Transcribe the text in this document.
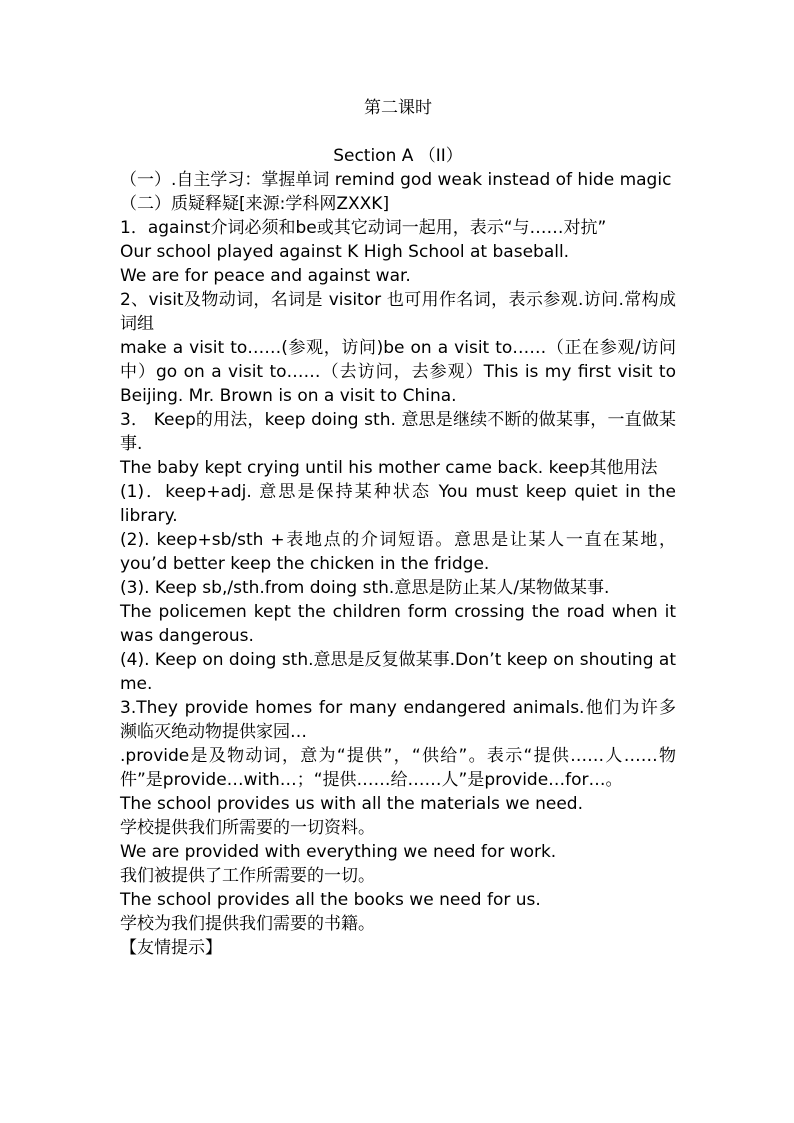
第二课时

Section A （II）

（一）.自主学习：掌握单词 remind god weak instead of hide magic

（二）质疑释疑[来源:学科网ZXXK]

1．against介词必须和be或其它动词一起用，表示“与……对抗”

Our school played against K High School at baseball.

We are for peace and against war.

2、visit及物动词，名词是 visitor 也可用作名词，表示参观.访问.常构成词组

make a visit to……(参观，访问)be on a visit to……（正在参观/访问中）go on a visit to……（去访问，去参观）This is my first visit to Beijing. Mr. Brown is on a visit to China.

3． Keep的用法，keep doing sth. 意思是继续不断的做某事，一直做某事.

The baby kept crying until his mother came back. keep其他用法

(1)．keep+adj. 意思是保持某种状态 You must keep quiet in the library.

(2). keep+sb/sth +表地点的介词短语。意思是让某人一直在某地，you’d better keep the chicken in the fridge.

(3). Keep sb,/sth.from doing sth.意思是防止某人/某物做某事.

The policemen kept the children form crossing the road when it was dangerous.

(4). Keep on doing sth.意思是反复做某事.Don’t keep on shouting at me.

3.They provide homes for many endangered animals.他们为许多濒临灭绝动物提供家园…

.provide是及物动词，意为“提供”，“供给”。表示“提供……人……物件”是provide…with…；“提供……给……人”是provide…for…。

The school provides us with all the materials we need.

学校提供我们所需要的一切资料。

We are provided with everything we need for work.

我们被提供了工作所需要的一切。

The school provides all the books we need for us.

学校为我们提供我们需要的书籍。

【友情提示】
